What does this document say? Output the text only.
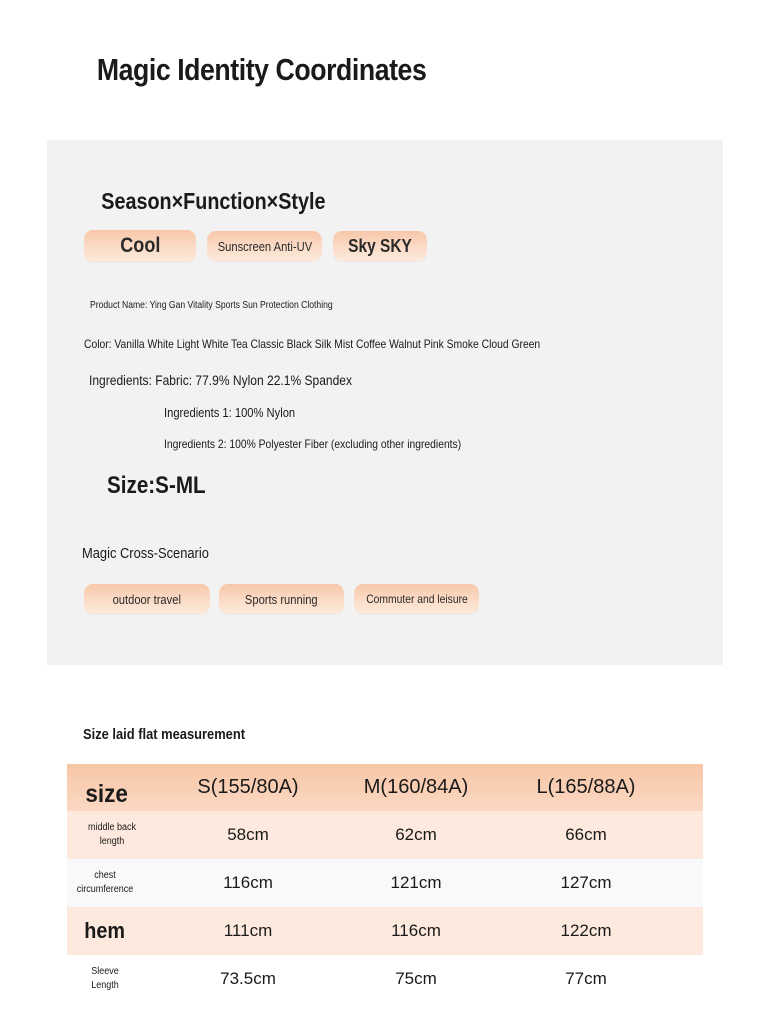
Magic Identity Coordinates
Season×Function×Style
Cool	Sunscreen Anti-UV Sky SKY
Product Name: Ying Gan Vitality Sports Sun Protection Clothing
Color: Vanilla White Light White Tea Classic Black Silk Mist Coffee Walnut Pink Smoke Cloud Green
Ingredients: Fabric: 77.9% Nylon 22.1% Spandex
Ingredients 1: 100% Nylon
Ingredients 2: 100% Polyester Fiber (excluding other ingredients)
Size:S-ML
Magic Cross-Scenario
outdoor travel	Sports running	Commuter and leisure
Size laid flat measurement
size	S(155/80A)	M(160/84A)	L(165/88A)
middle back length	58cm	62cm	66cm
chest circumference	116cm	121cm	127cm
hem	111cm	116cm	122cm
Sleeve Length	73.5cm	75cm	77cm
